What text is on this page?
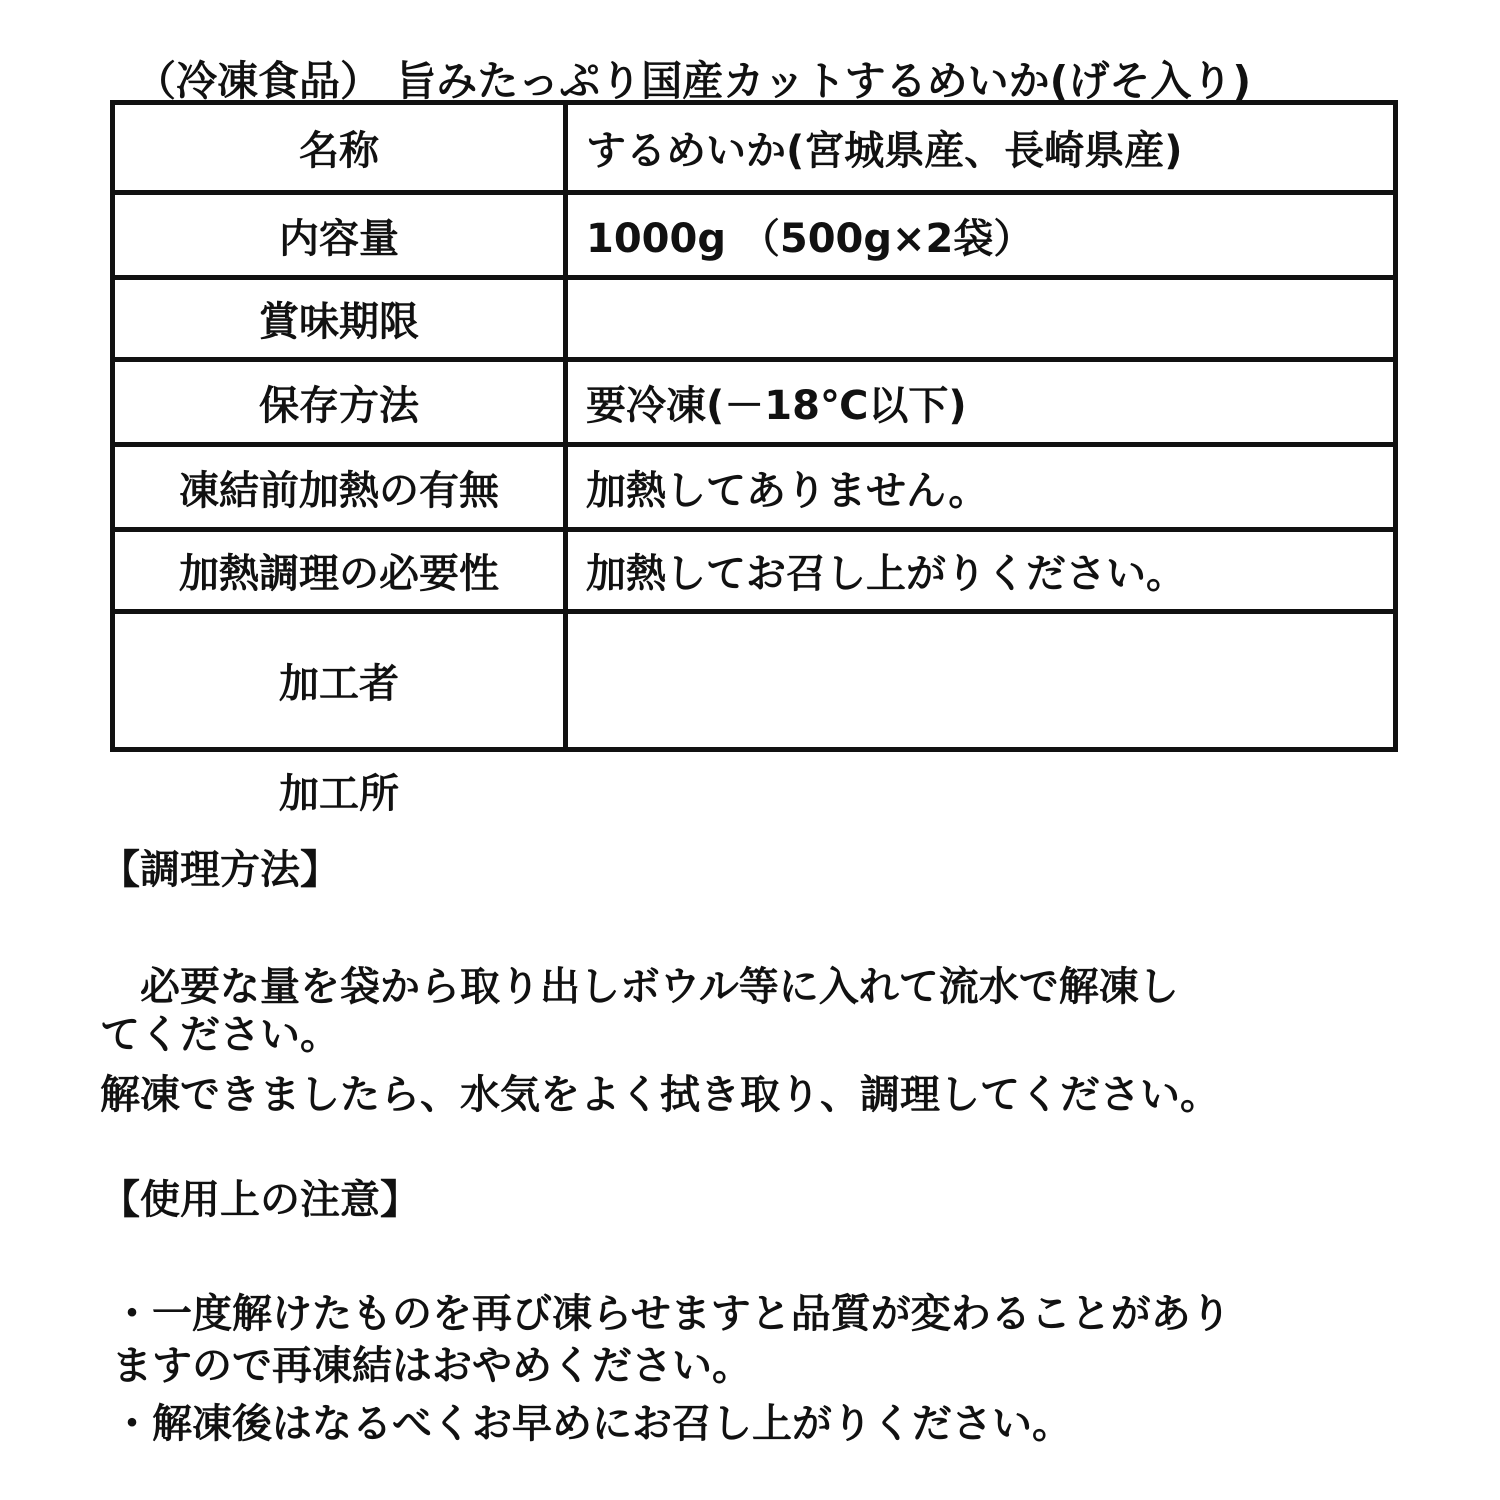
（冷凍食品） 旨みたっぷり国産カットするめいか(げそ入り)
名称	するめいか(宮城県産、長崎県産)
内容量	1000g （500g×2袋）
賞味期限	
保存方法	要冷凍(－18℃以下)
凍結前加熱の有無	加熱してありません。
加熱調理の必要性	加熱してお召し上がりください。
加工者	
加工所
【調理方法】
　必要な量を袋から取り出しボウル等に入れて流水で解凍し
てください。
解凍できましたら、水気をよく拭き取り、調理してください。
【使用上の注意】
・一度解けたものを再び凍らせますと品質が変わることがあり
ますので再凍結はおやめください。
・解凍後はなるべくお早めにお召し上がりください。
